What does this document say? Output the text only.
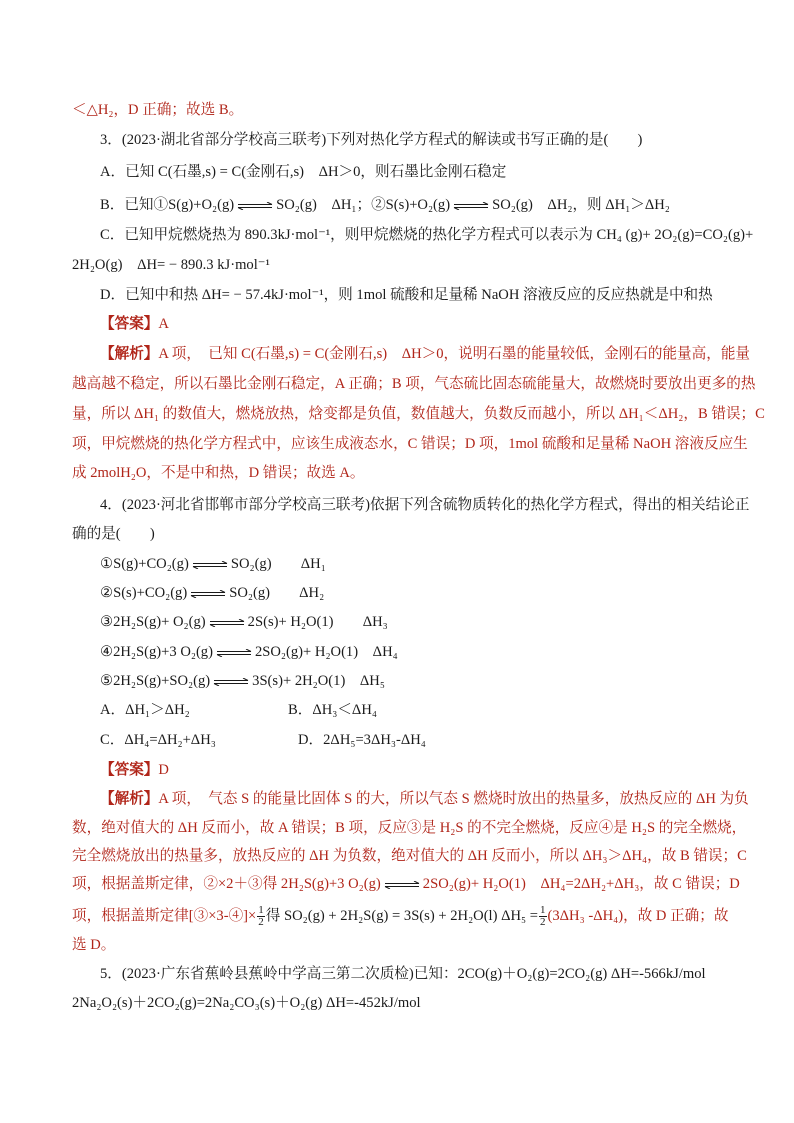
＜△H₂，D 正确；故选 B。
3．(2023·湖北省部分学校高三联考)下列对热化学方程式的解读或书写正确的是(　　)
A．已知 C(石墨,s) = C(金刚石,s)　ΔH＞0，则石墨比金刚石稳定
B．已知①S(g)+O₂(g) ⇌ SO₂(g)　ΔH₁；②S(s)+O₂(g) ⇌ SO₂(g)　ΔH₂，则 ΔH₁＞ΔH₂
C．已知甲烷燃烧热为 890.3kJ·mol⁻¹，则甲烷燃烧的热化学方程式可以表示为 CH₄ (g)+ 2O₂(g)=CO₂(g)+
2H₂O(g)　ΔH= − 890.3 kJ·mol⁻¹
D．已知中和热 ΔH= − 57.4kJ·mol⁻¹，则 1mol 硫酸和足量稀 NaOH 溶液反应的反应热就是中和热
【答案】A
【解析】A 项，　已知 C(石墨,s) = C(金刚石,s)　ΔH＞0，说明石墨的能量较低，金刚石的能量高，能量
越高越不稳定，所以石墨比金刚石稳定，A 正确；B 项，气态硫比固态硫能量大，故燃烧时要放出更多的热
量，所以 ΔH₁ 的数值大，燃烧放热，焓变都是负值，数值越大，负数反而越小，所以 ΔH₁＜ΔH₂，B 错误；C
项，甲烷燃烧的热化学方程式中，应该生成液态水，C 错误；D 项，1mol 硫酸和足量稀 NaOH 溶液反应生
成 2molH₂O，不是中和热，D 错误；故选 A。
4．(2023·河北省邯郸市部分学校高三联考)依据下列含硫物质转化的热化学方程式，得出的相关结论正
确的是(　　)
①S(g)+CO₂(g) ⇌ SO₂(g)　　ΔH₁
②S(s)+CO₂(g) ⇌ SO₂(g)　　ΔH₂
③2H₂S(g)+ O₂(g) ⇌ 2S(s)+ H₂O(1)　　ΔH₃
④2H₂S(g)+3 O₂(g) ⇌ 2SO₂(g)+ H₂O(1)　ΔH₄
⑤2H₂S(g)+SO₂(g) ⇌ 3S(s)+ 2H₂O(1)　ΔH₅
A．ΔH₁＞ΔH₂	B．ΔH₃＜ΔH₄
C．ΔH₄=ΔH₂+ΔH₃	D．2ΔH₅=3ΔH₃-ΔH₄
【答案】D
【解析】A 项，　气态 S 的能量比固体 S 的大，所以气态 S 燃烧时放出的热量多，放热反应的 ΔH 为负
数，绝对值大的 ΔH 反而小，故 A 错误；B 项，反应③是 H₂S 的不完全燃烧，反应④是 H₂S 的完全燃烧，
完全燃烧放出的热量多，放热反应的 ΔH 为负数，绝对值大的 ΔH 反而小，所以 ΔH₃＞ΔH₄，故 B 错误；C
项，根据盖斯定律，②×2＋③得 2H₂S(g)+3 O₂(g) ⇌ 2SO₂(g)+ H₂O(1)　ΔH₄=2ΔH₂+ΔH₃，故 C 错误；D
项，根据盖斯定律[③×3-④]× $\frac{1}{2}$ 得 SO₂(g) + 2H₂S(g) = 3S(s) + 2H₂O(l) $\Delta H_5 = \frac{1}{2} (3\Delta H_3$ -ΔH₄)，故 D 正确；故
选 D。
5．(2023·广东省蕉岭县蕉岭中学高三第二次质检)已知：2CO(g)＋O₂(g)=2CO₂(g) ΔH=-566kJ/mol
2Na₂O₂(s)＋2CO₂(g)=2Na₂CO₃(s)＋O₂(g) ΔH=-452kJ/mol
